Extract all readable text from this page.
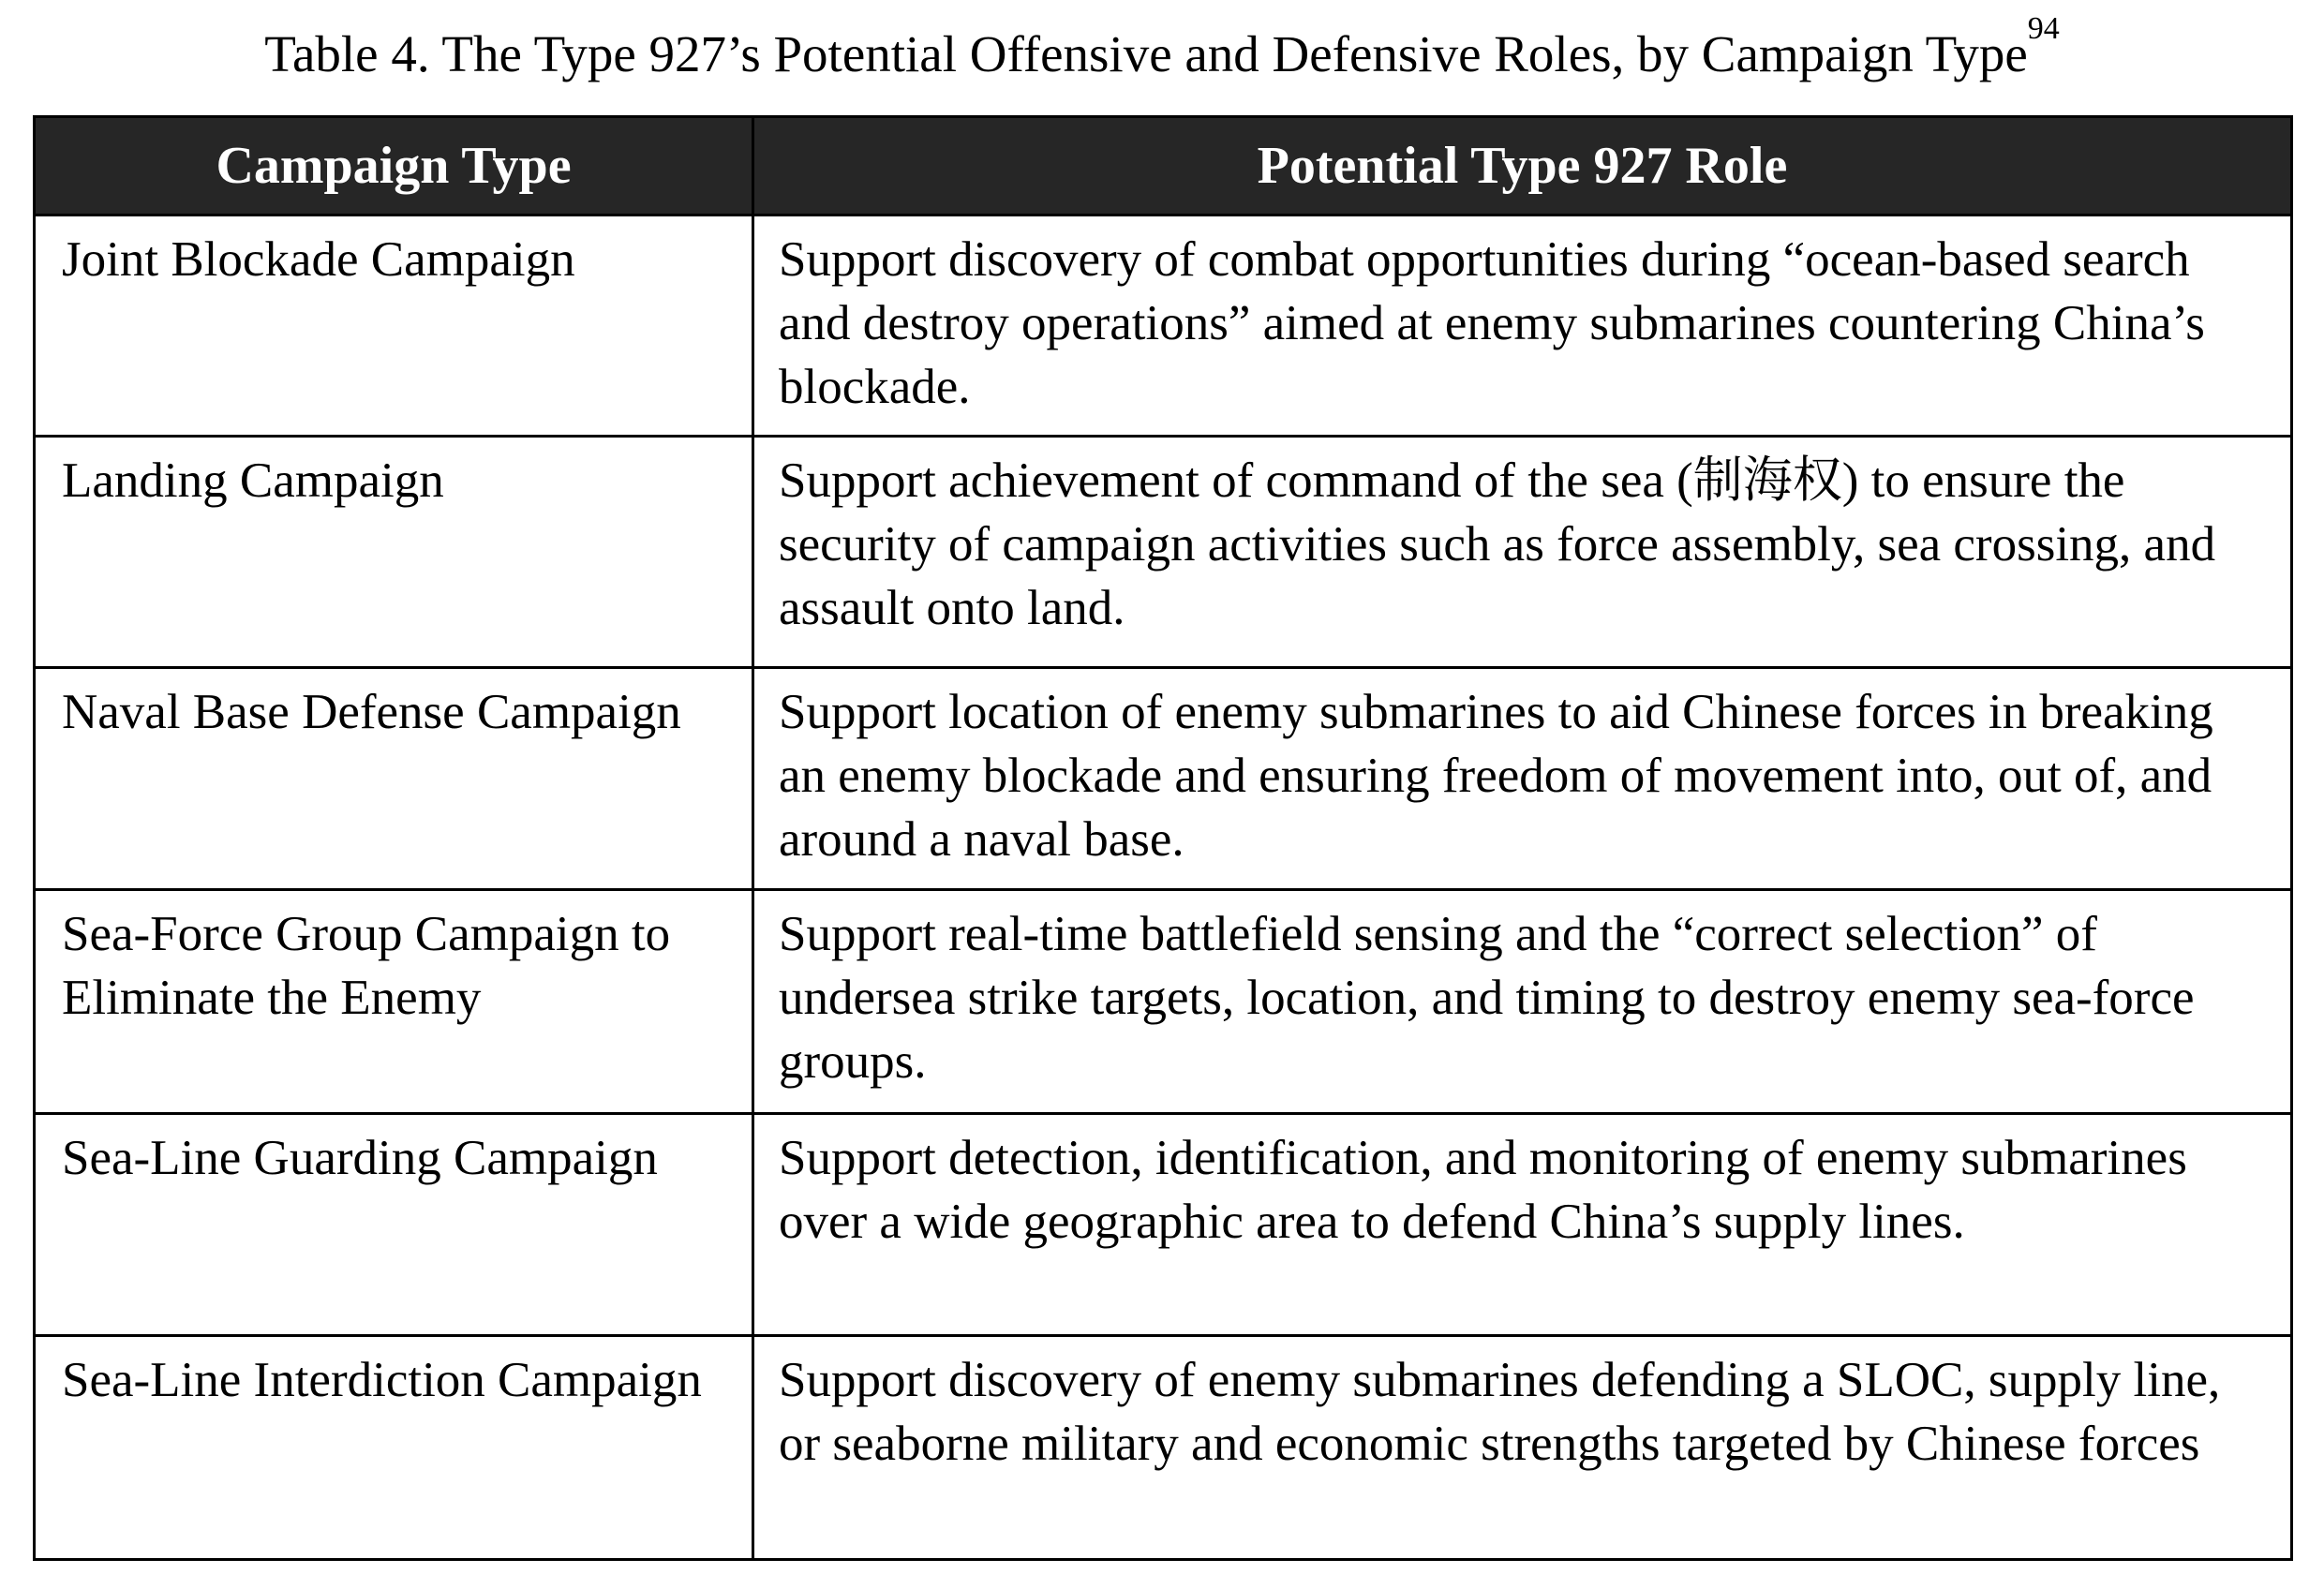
Table 4. The Type 927’s Potential Offensive and Defensive Roles, by Campaign Type$^{94}$
Campaign Type	Potential Type 927 Role
Joint Blockade Campaign	Support discovery of combat opportunities during “ocean-based search and destroy operations” aimed at enemy submarines countering China’s blockade.
Landing Campaign	Support achievement of command of the sea (制海权) to ensure the security of campaign activities such as force assembly, sea crossing, and assault onto land.
Naval Base Defense Campaign	Support location of enemy submarines to aid Chinese forces in breaking an enemy blockade and ensuring freedom of movement into, out of, and around a naval base.
Sea-Force Group Campaign to Eliminate the Enemy	Support real-time battlefield sensing and the “correct selection” of undersea strike targets, location, and timing to destroy enemy sea-force groups.
Sea-Line Guarding Campaign	Support detection, identification, and monitoring of enemy submarines over a wide geographic area to defend China’s supply lines.
Sea-Line Interdiction Campaign	Support discovery of enemy submarines defending a SLOC, supply line, or seaborne military and economic strengths targeted by Chinese forces
